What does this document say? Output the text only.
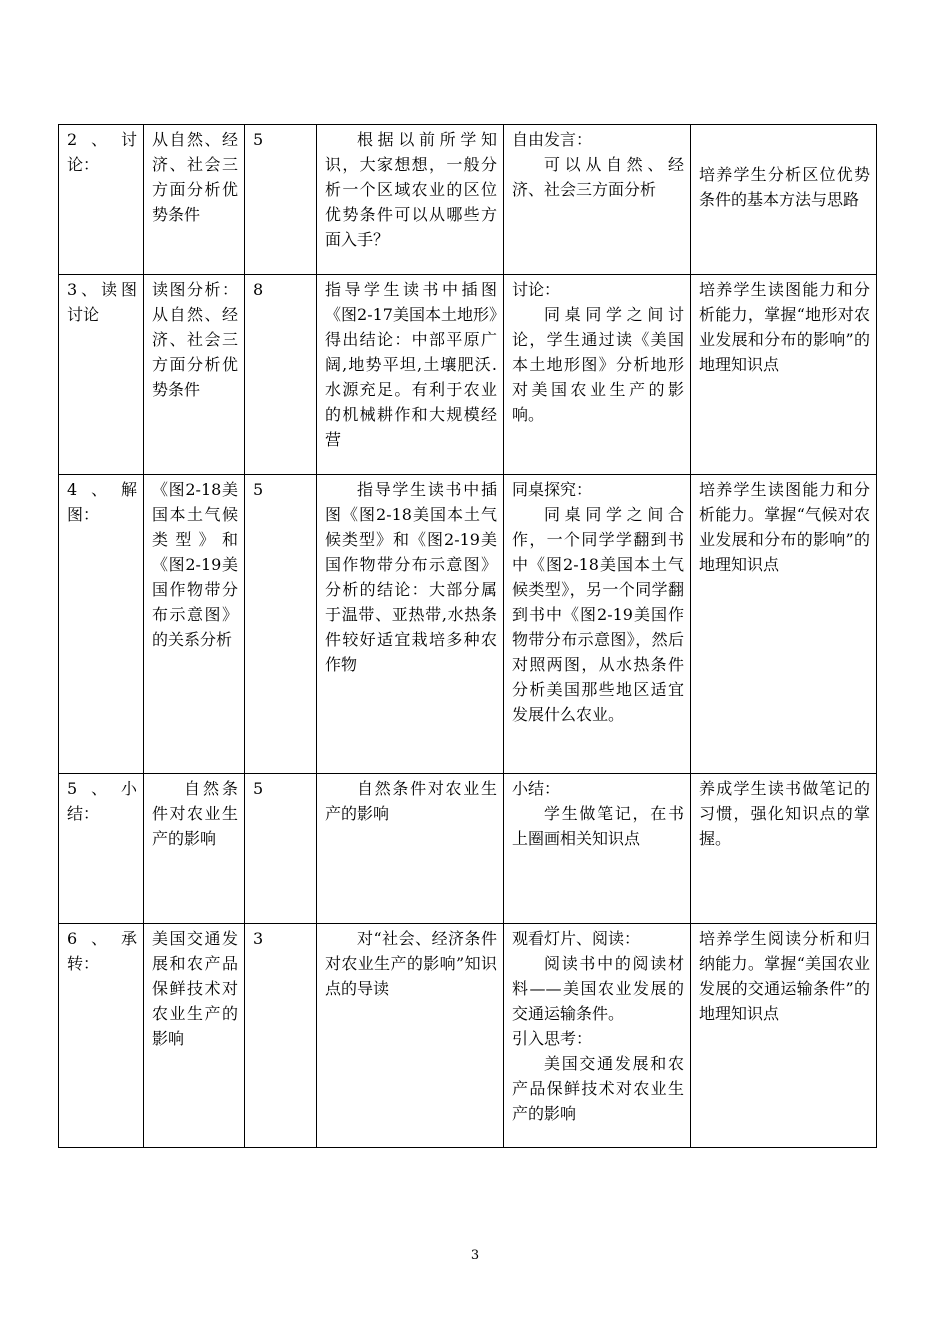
2、讨论：	从自然、经济、社会三方面分析优势条件	5	根据以前所学知识，大家想想，一般分析一个区域农业的区位优势条件可以从哪些方面入手？	自由发言：
可以从自然、经济、社会三方面分析	培养学生分析区位优势条件的基本方法与思路

3、读图讨论	读图分析：从自然、经济、社会三方面分析优势条件	8	指导学生读书中插图《图2-17美国本土地形》得出结论：中部平原广阔,地势平坦,土壤肥沃.水源充足。有利于农业的机械耕作和大规模经营	讨论：
同桌同学之间讨论，学生通过读《美国本土地形图》分析地形对美国农业生产的影响。	培养学生读图能力和分析能力，掌握“地形对农业发展和分布的影响”的地理知识点

4、解图：	《图2-18美国本土气候类型》和《图2-19美国作物带分布示意图》的关系分析	5	指导学生读书中插图《图2-18美国本土气候类型》和《图2-19美国作物带分布示意图》分析的结论：大部分属于温带、亚热带,水热条件较好适宜栽培多种农作物	同桌探究：
同桌同学之间合作，一个同学学翻到书中《图2-18美国本土气候类型》，另一个同学翻到书中《图2-19美国作物带分布示意图》，然后对照两图，从水热条件分析美国那些地区适宜发展什么农业。	培养学生读图能力和分析能力。掌握“气候对农业发展和分布的影响”的地理知识点

5、小结：	自然条件对农业生产的影响	5	自然条件对农业生产的影响	小结：
学生做笔记，在书上圈画相关知识点	养成学生读书做笔记的习惯，强化知识点的掌握。

6、承转：	美国交通发展和农产品保鲜技术对农业生产的影响	3	对“社会、经济条件对农业生产的影响”知识点的导读	观看灯片、阅读：
阅读书中的阅读材料——美国农业发展的交通运输条件。
引入思考：
美国交通发展和农产品保鲜技术对农业生产的影响	培养学生阅读分析和归纳能力。掌握“美国农业发展的交通运输条件”的地理知识点
3
